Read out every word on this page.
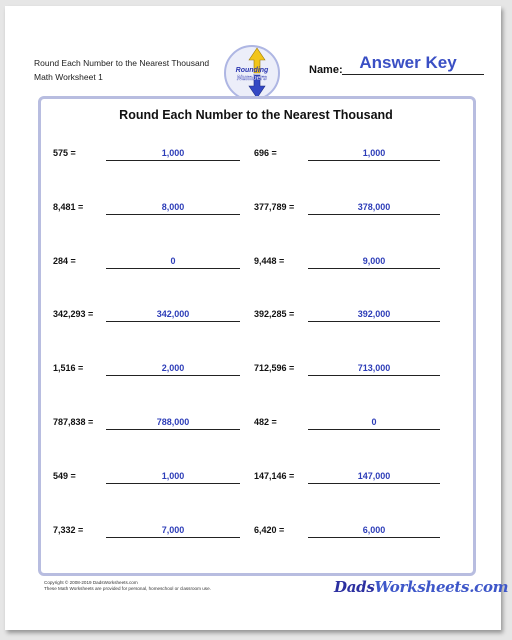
Round Each Number to the Nearest Thousand
Math Worksheet 1
Rounding
Numbers
Name: Answer Key
Round Each Number to the Nearest Thousand
575 =	1,000	696 =	1,000
8,481 =	8,000	377,789 =	378,000
284 =	0	9,448 =	9,000
342,293 =	342,000	392,285 =	392,000
1,516 =	2,000	712,596 =	713,000
787,838 =	788,000	482 =	0
549 =	1,000	147,146 =	147,000
7,332 =	7,000	6,420 =	6,000
Copyright © 2008-2019 DadsWorksheets.com
These Math Worksheets are provided for personal, homeschool or classroom use.	DadsWorksheets.com
